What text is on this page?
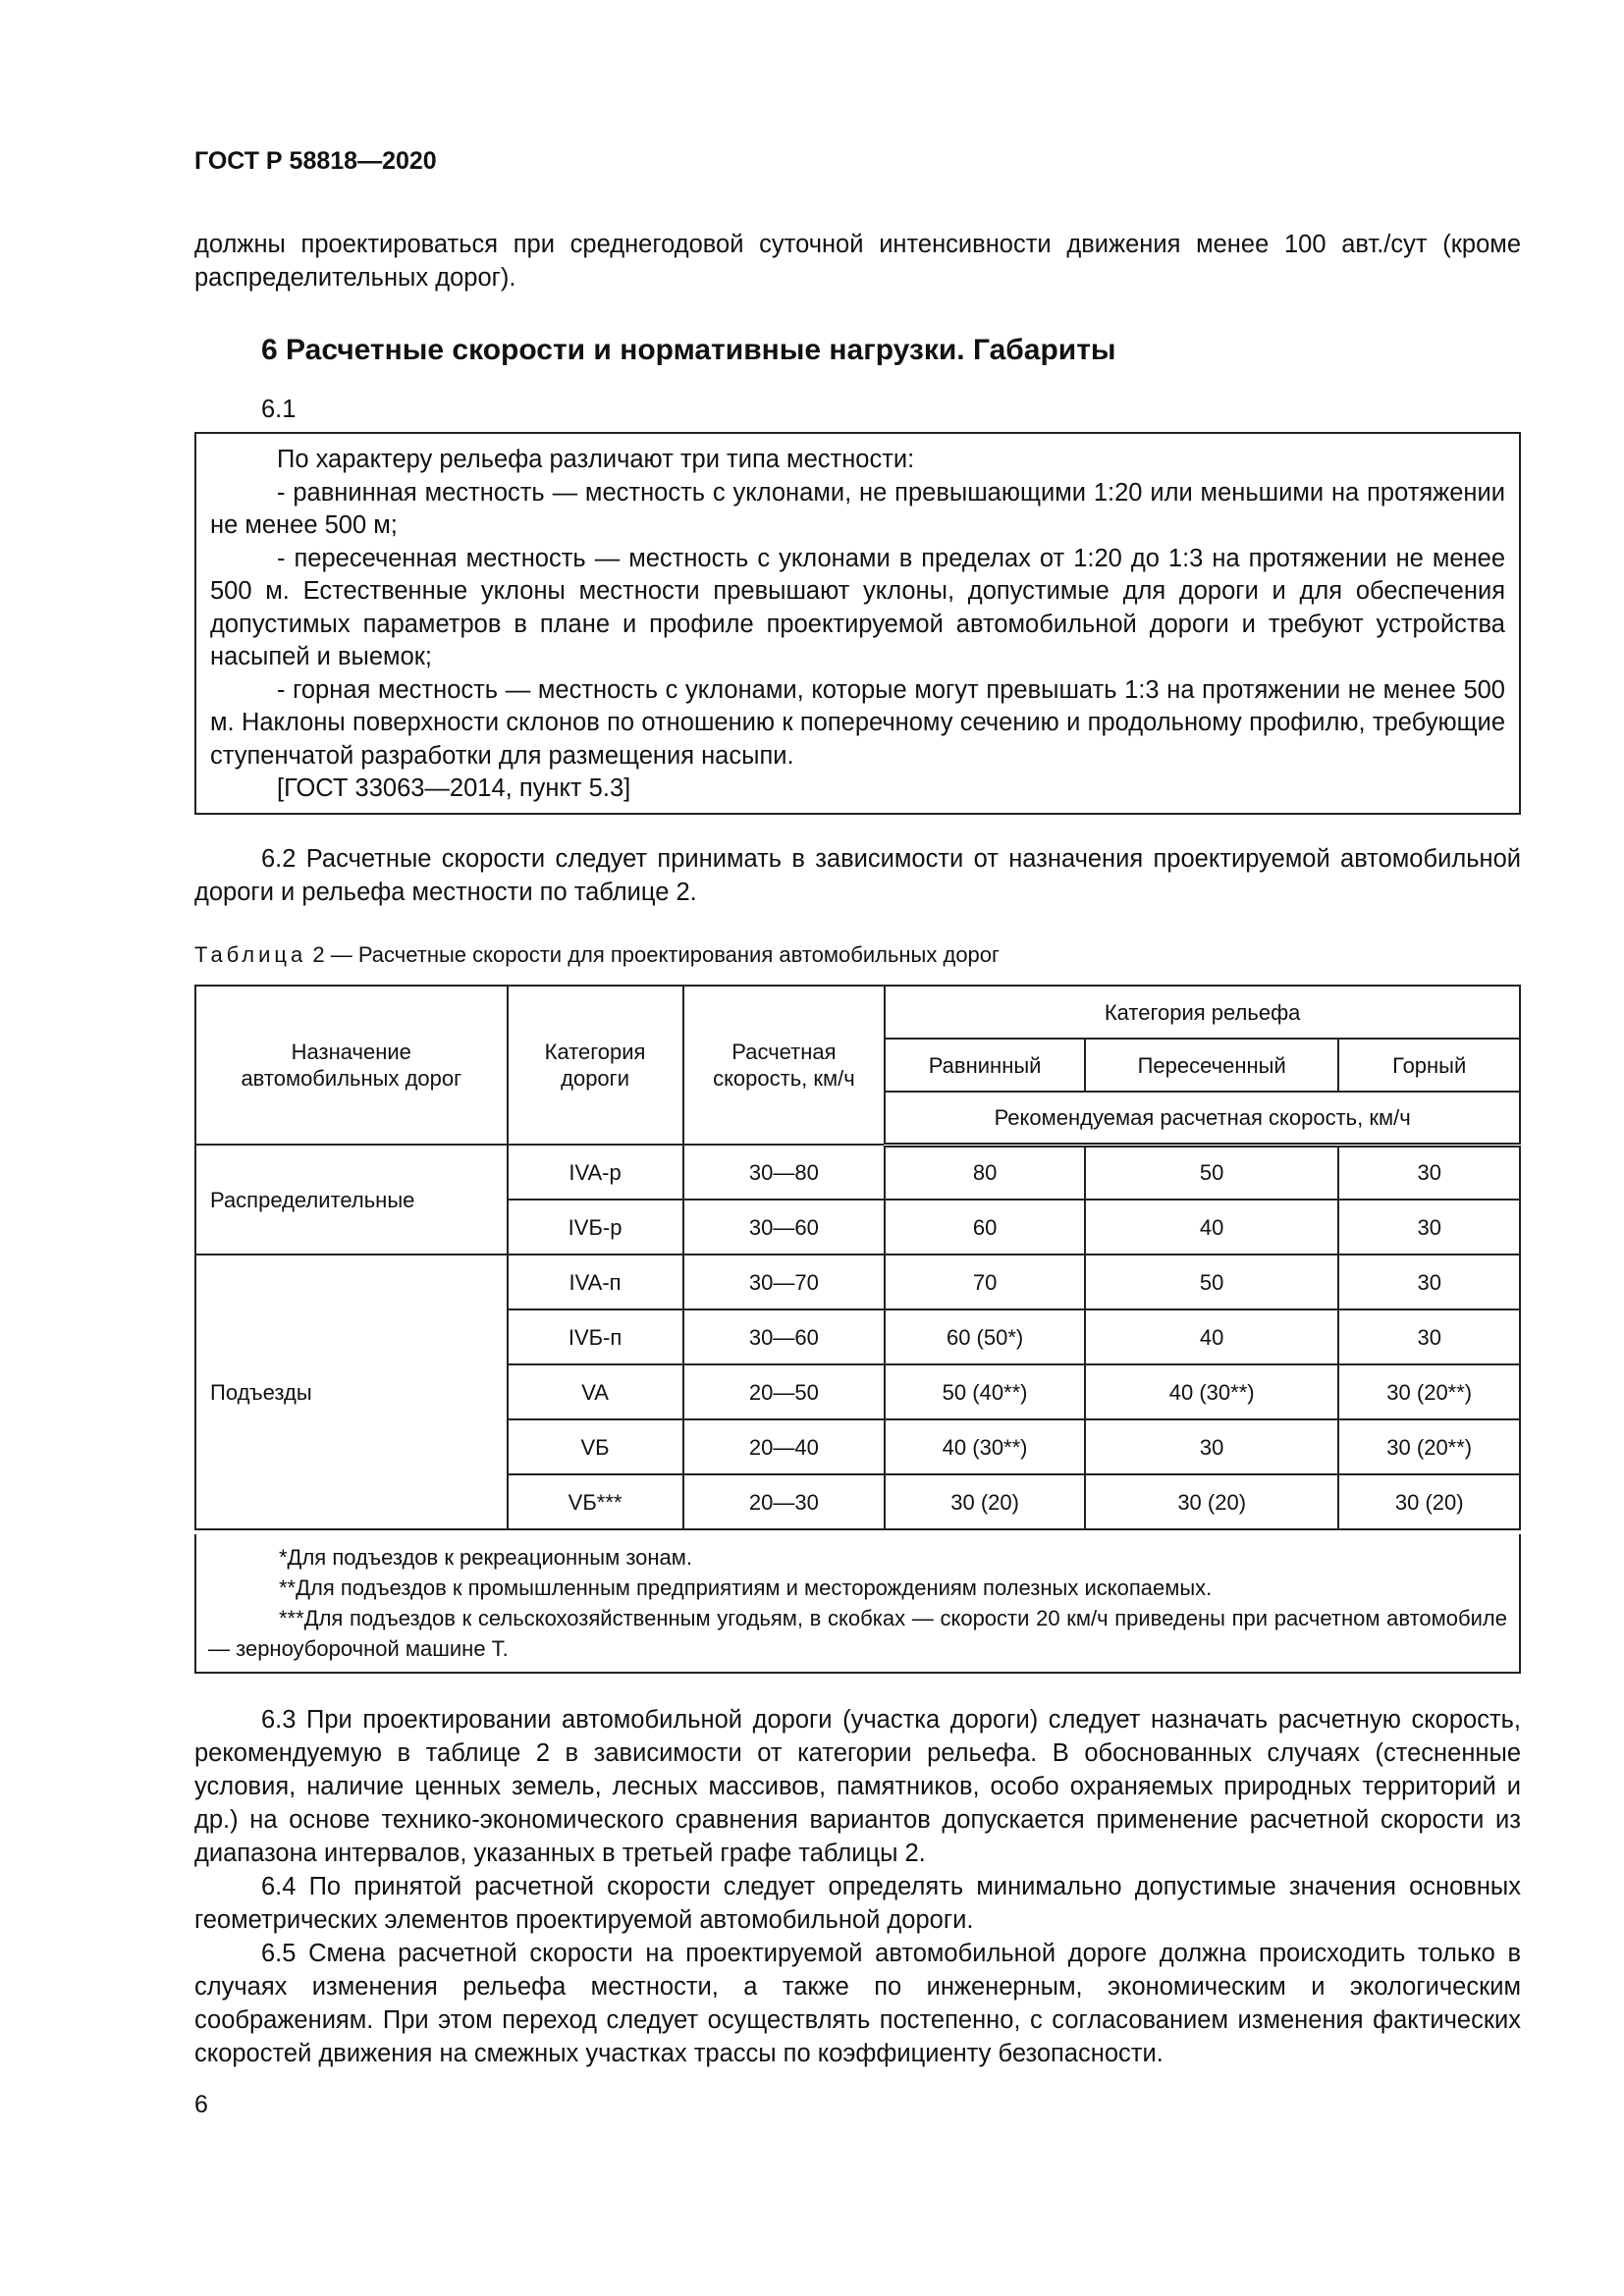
ГОСТ Р 58818—2020
должны проектироваться при среднегодовой суточной интенсивности движения менее 100 авт./сут (кроме распределительных дорог).
6 Расчетные скорости и нормативные нагрузки. Габариты
6.1
По характеру рельефа различают три типа местности:
- равнинная местность — местность с уклонами, не превышающими 1:20 или меньшими на протяжении не менее 500 м;
- пересеченная местность — местность с уклонами в пределах от 1:20 до 1:3 на протяжении не менее 500 м. Естественные уклоны местности превышают уклоны, допустимые для дороги и для обеспечения допустимых параметров в плане и профиле проектируемой автомобильной дороги и требуют устройства насыпей и выемок;
- горная местность — местность с уклонами, которые могут превышать 1:3 на протяжении не менее 500 м. Наклоны поверхности склонов по отношению к поперечному сечению и продольному профилю, требующие ступенчатой разработки для размещения насыпи.
[ГОСТ 33063—2014, пункт 5.3]
6.2 Расчетные скорости следует принимать в зависимости от назначения проектируемой автомобильной дороги и рельефа местности по таблице 2.
Таблица 2 — Расчетные скорости для проектирования автомобильных дорог
Назначение автомобильных дорог	Категория дороги	Расчетная скорость, км/ч	Категория рельефа		
			Равнинный	Пересеченный	Горный
			Рекомендуемая расчетная скорость, км/ч		
Распределительные	IVA-р	30—80	80	50	30
	IVБ-р	30—60	60	40	30
Подъезды	IVA-п	30—70	70	50	30
	IVБ-п	30—60	60 (50*)	40	30
	VA	20—50	50 (40**)	40 (30**)	30 (20**)
	VБ	20—40	40 (30**)	30	30 (20**)
	VБ***	20—30	30 (20)	30 (20)	30 (20)
*Для подъездов к рекреационным зонам.
**Для подъездов к промышленным предприятиям и месторождениям полезных ископаемых.
***Для подъездов к сельскохозяйственным угодьям, в скобках — скорости 20 км/ч приведены при расчетном автомобиле — зерноуборочной машине Т.
6.3 При проектировании автомобильной дороги (участка дороги) следует назначать расчетную скорость, рекомендуемую в таблице 2 в зависимости от категории рельефа. В обоснованных случаях (стесненные условия, наличие ценных земель, лесных массивов, памятников, особо охраняемых природных территорий и др.) на основе технико-экономического сравнения вариантов допускается применение расчетной скорости из диапазона интервалов, указанных в третьей графе таблицы 2.
6.4 По принятой расчетной скорости следует определять минимально допустимые значения основных геометрических элементов проектируемой автомобильной дороги.
6.5 Смена расчетной скорости на проектируемой автомобильной дороге должна происходить только в случаях изменения рельефа местности, а также по инженерным, экономическим и экологическим соображениям. При этом переход следует осуществлять постепенно, с согласованием изменения фактических скоростей движения на смежных участках трассы по коэффициенту безопасности.
6
